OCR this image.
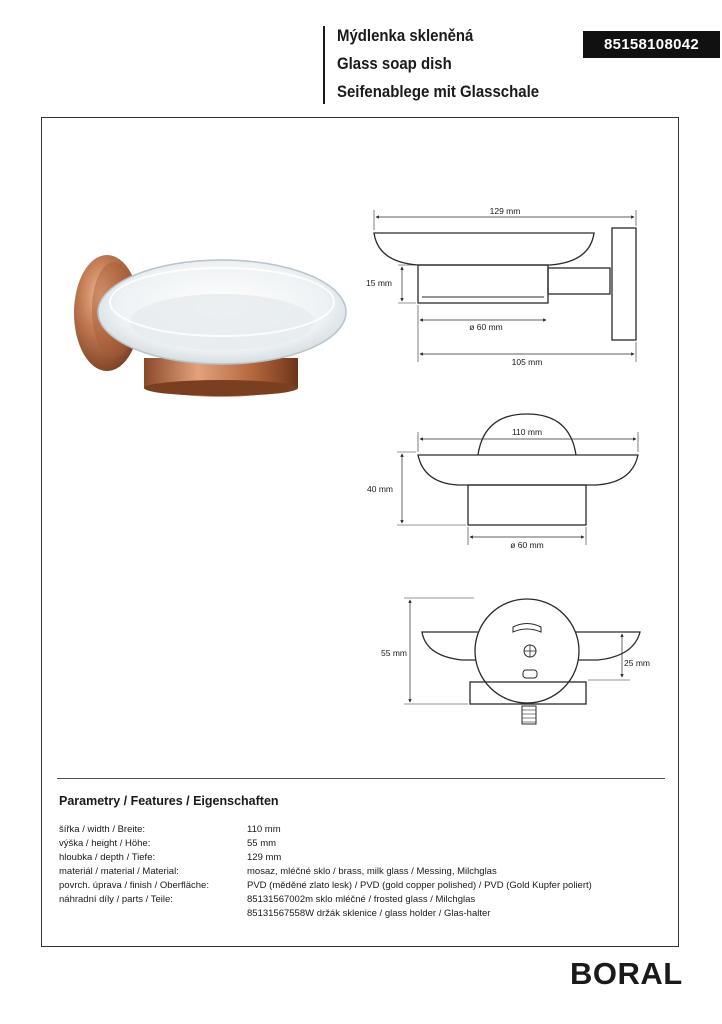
Mýdlenka skleněná
Glass soap dish
Seifenablege mit Glasschale
85158108042
129 mm
15 mm
ø 60 mm
105 mm
110 mm
40 mm
ø 60 mm
55 mm
25 mm
Parametry / Features / Eigenschaften
šířka / width / Breite:	110 mm
výška / height / Höhe:	55 mm
hloubka / depth / Tiefe:	129 mm
materiál / material / Material:	mosaz, mléčné sklo / brass, milk glass / Messing, Milchglas
povrch. úprava / finish / Oberfläche:	PVD (měděné zlato lesk) / PVD (gold copper polished) / PVD (Gold Kupfer poliert)
náhradní díly / parts / Teile:	85131567002m sklo mléčné / frosted glass / Milchglas
85131567558W držák sklenice / glass holder / Glas-halter
BORAL
